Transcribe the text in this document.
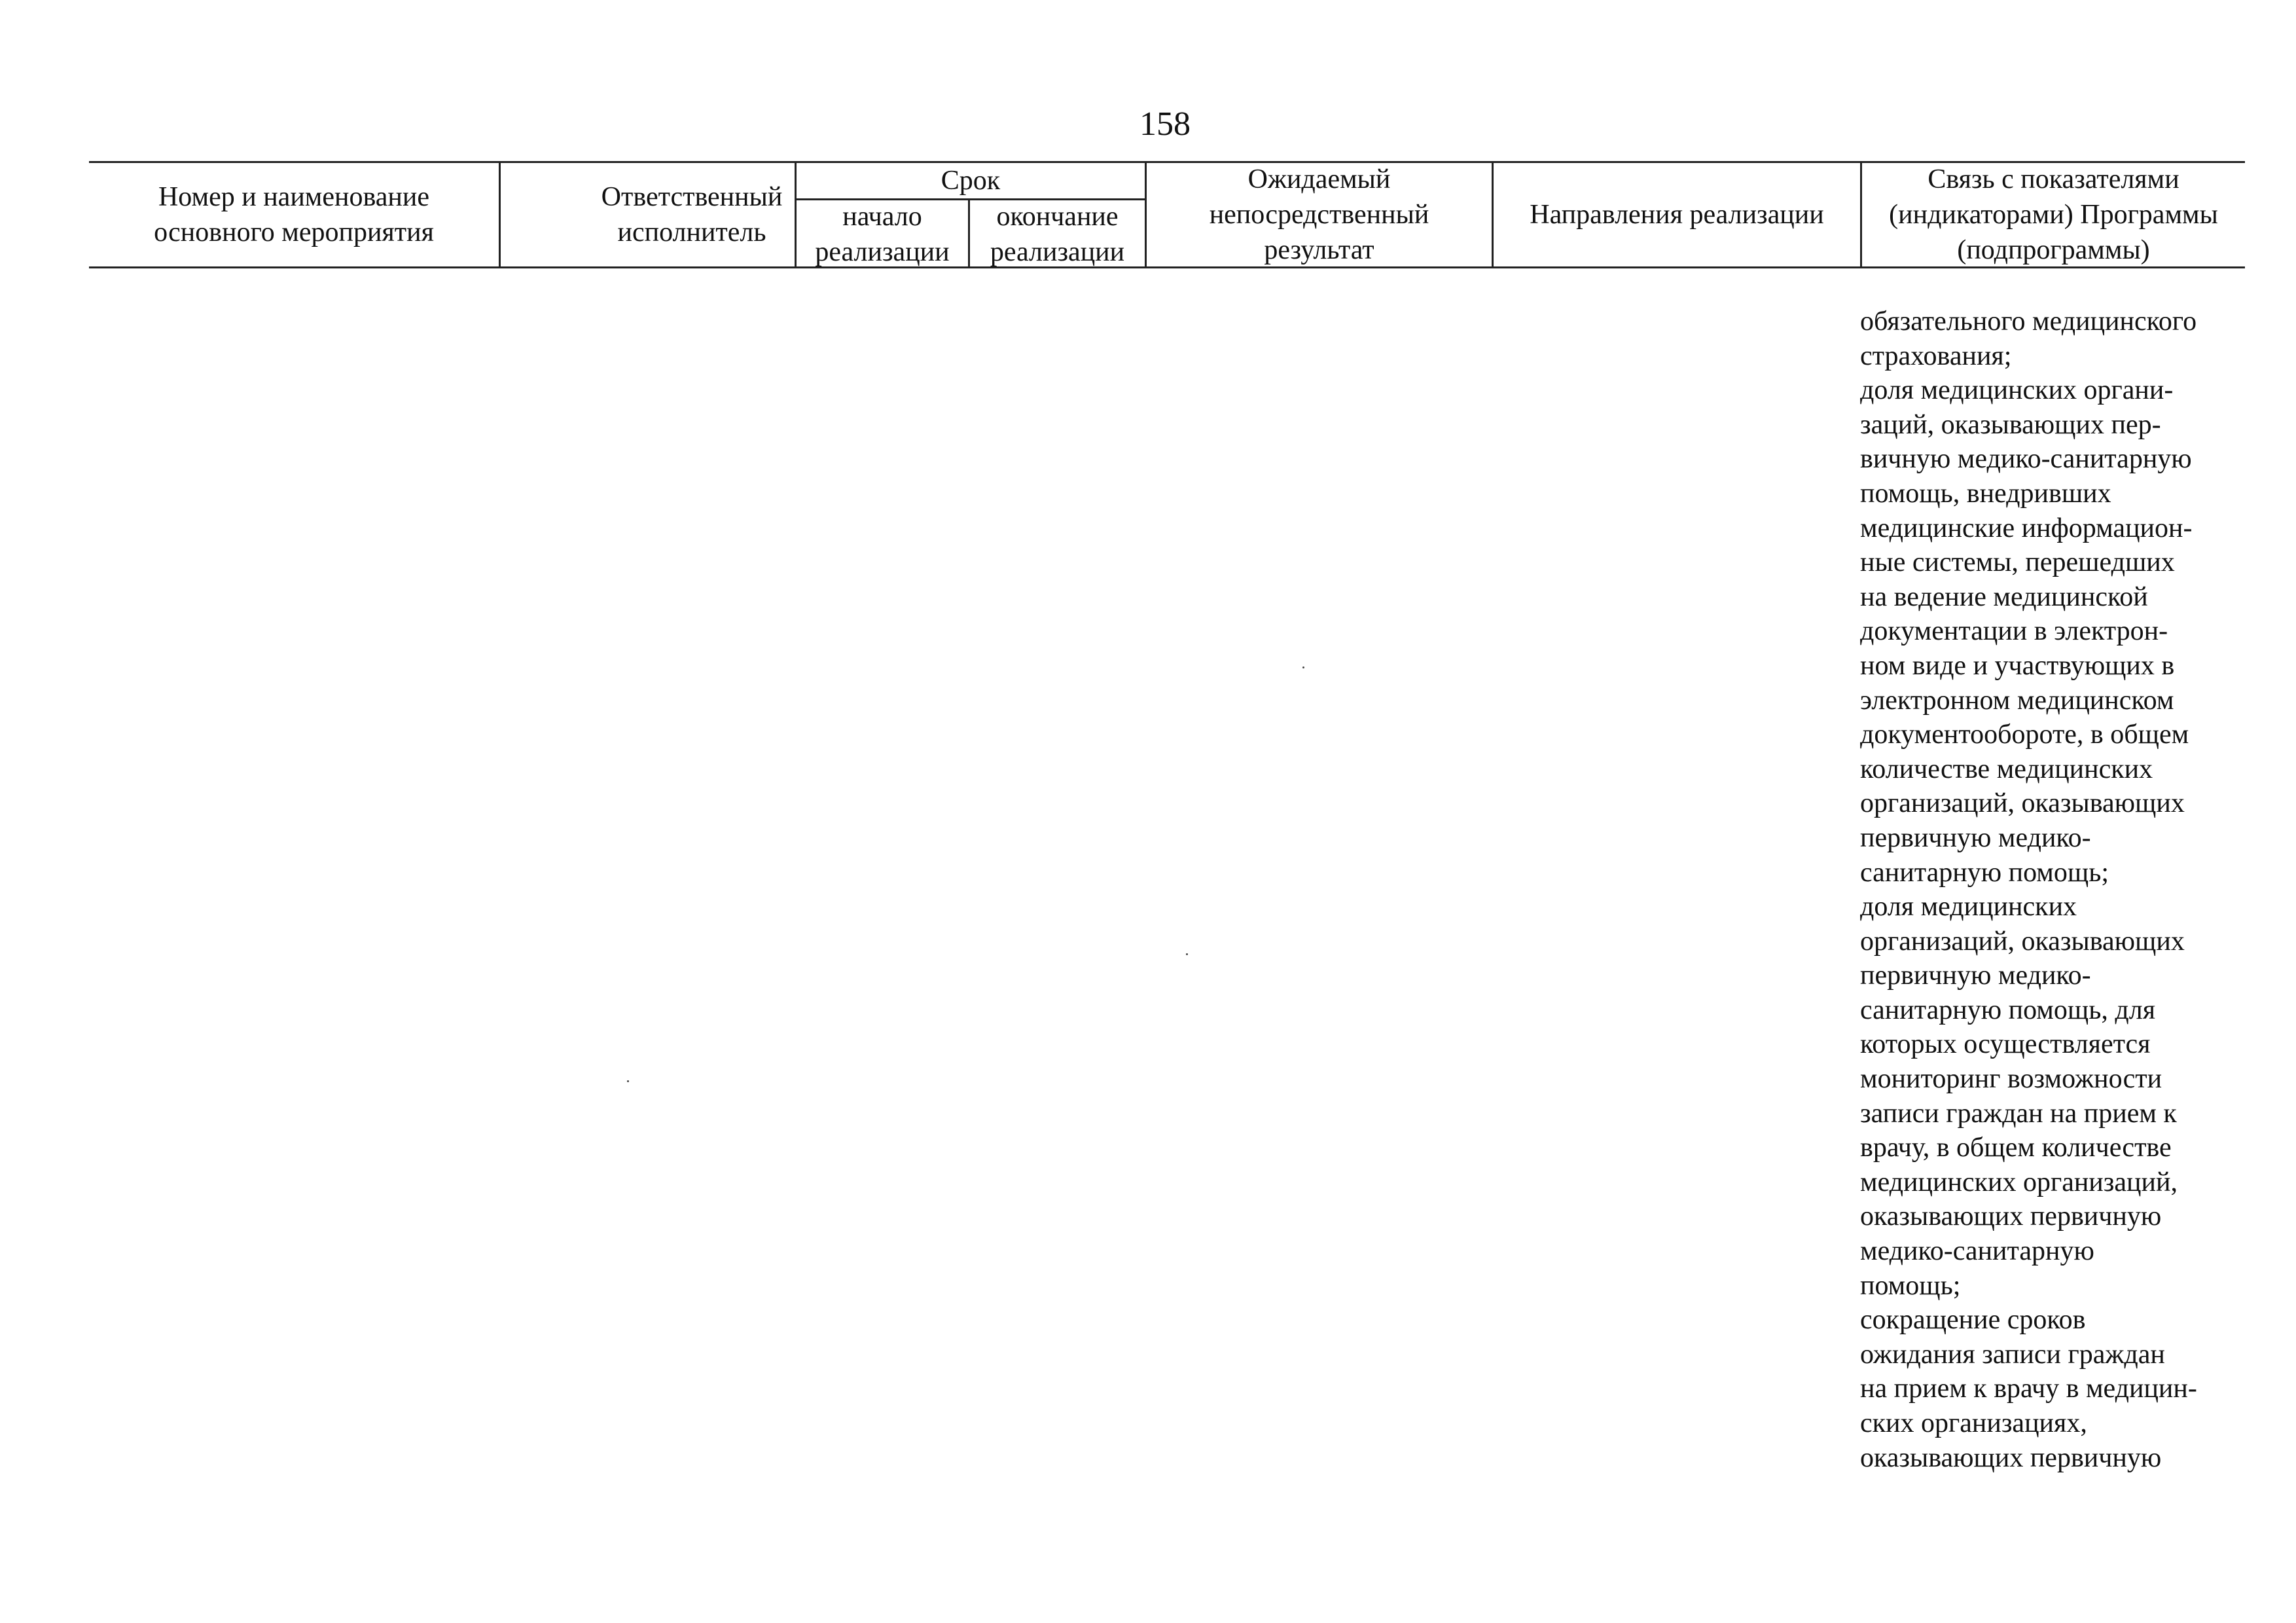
158
Номер и наименование
основного мероприятия
Ответственный
исполнитель
Срок
начало
реализации
окончание
реализации
Ожидаемый
непосредственный
результат
Направления реализации
Связь с показателями
(индикаторами) Программы
(подпрограммы)
обязательного медицинского
страхования;
доля медицинских органи-
заций, оказывающих пер-
вичную медико-санитарную
помощь, внедривших
медицинские информацион-
ные системы, перешедших
на ведение медицинской
документации в электрон-
ном виде и участвующих в
электронном медицинском
документообороте, в общем
количестве медицинских
организаций, оказывающих
первичную медико-
санитарную помощь;
доля медицинских
организаций, оказывающих
первичную медико-
санитарную помощь, для
которых осуществляется
мониторинг возможности
записи граждан на прием к
врачу, в общем количестве
медицинских организаций,
оказывающих первичную
медико-санитарную
помощь;
сокращение сроков
ожидания записи граждан
на прием к врачу в медицин-
ских организациях,
оказывающих первичную
